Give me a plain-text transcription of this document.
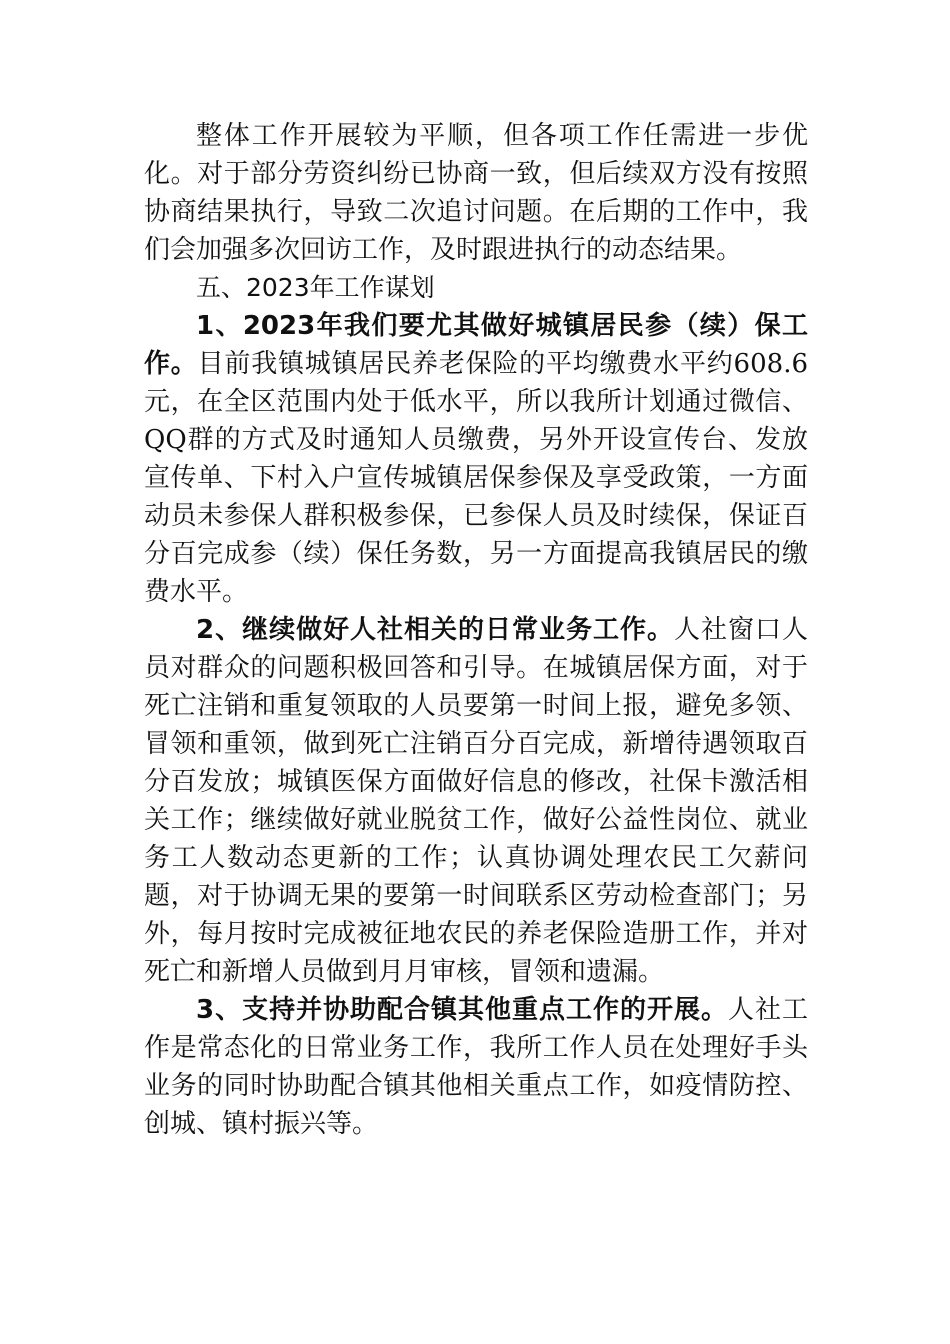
整体工作开展较为平顺，但各项工作任需进一步优化。对于部分劳资纠纷已协商一致，但后续双方没有按照协商结果执行，导致二次追讨问题。在后期的工作中，我们会加强多次回访工作，及时跟进执行的动态结果。

五、2023年工作谋划

1、2023年我们要尤其做好城镇居民参（续）保工作。目前我镇城镇居民养老保险的平均缴费水平约608.6元，在全区范围内处于低水平，所以我所计划通过微信、QQ群的方式及时通知人员缴费，另外开设宣传台、发放宣传单、下村入户宣传城镇居保参保及享受政策，一方面动员未参保人群积极参保，已参保人员及时续保，保证百分百完成参（续）保任务数，另一方面提高我镇居民的缴费水平。

2、继续做好人社相关的日常业务工作。人社窗口人员对群众的问题积极回答和引导。在城镇居保方面，对于死亡注销和重复领取的人员要第一时间上报，避免多领、冒领和重领，做到死亡注销百分百完成，新增待遇领取百分百发放；城镇医保方面做好信息的修改，社保卡激活相关工作；继续做好就业脱贫工作，做好公益性岗位、就业务工人数动态更新的工作；认真协调处理农民工欠薪问题，对于协调无果的要第一时间联系区劳动检查部门；另外，每月按时完成被征地农民的养老保险造册工作，并对死亡和新增人员做到月月审核，冒领和遗漏。

3、支持并协助配合镇其他重点工作的开展。人社工作是常态化的日常业务工作，我所工作人员在处理好手头业务的同时协助配合镇其他相关重点工作，如疫情防控、创城、镇村振兴等。
